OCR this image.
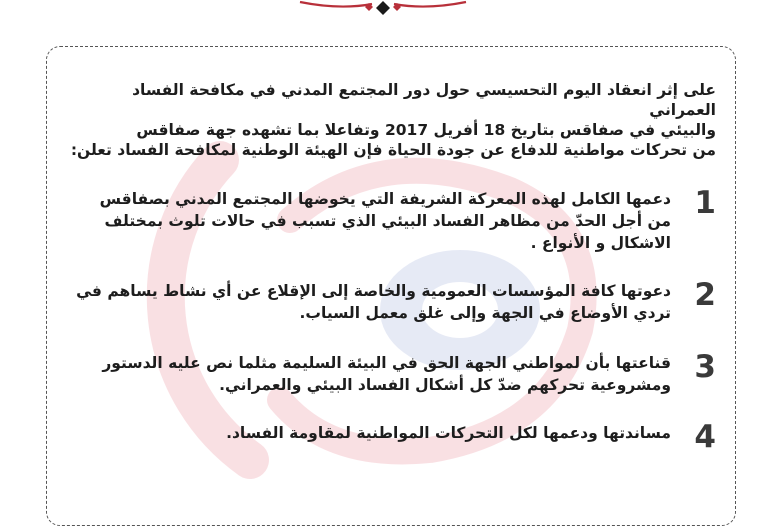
على إثر انعقاد اليوم التحسيسي حول دور المجتمع المدني في مكافحة الفساد العمراني
والبيئي في صفاقس بتاريخ 18 أفريل 2017 وتفاعلا بما تشهده جهة صفاقس
من تحركات مواطنية للدفاع عن جودة الحياة فإن الهيئة الوطنية لمكافحة الفساد تعلن:

1
دعمها الكامل لهذه المعركة الشريفة التي يخوضها المجتمع المدني بصفاقس
من أجل الحدّ من مظاهر الفساد البيئي الذي تسبب في حالات تلوث بمختلف
الاشكال و الأنواع .
2
دعوتها كافة المؤسسات العمومية والخاصة إلى الإقلاع عن أي نشاط يساهم في
تردي الأوضاع في الجهة وإلى غلق معمل السياب.
3
قناعتها بأن لمواطني الجهة الحق في البيئة السليمة مثلما نص عليه الدستور
ومشروعية تحركهم ضدّ كل أشكال الفساد البيئي والعمراني.
4
مساندتها ودعمها لكل التحركات المواطنية لمقاومة الفساد.
